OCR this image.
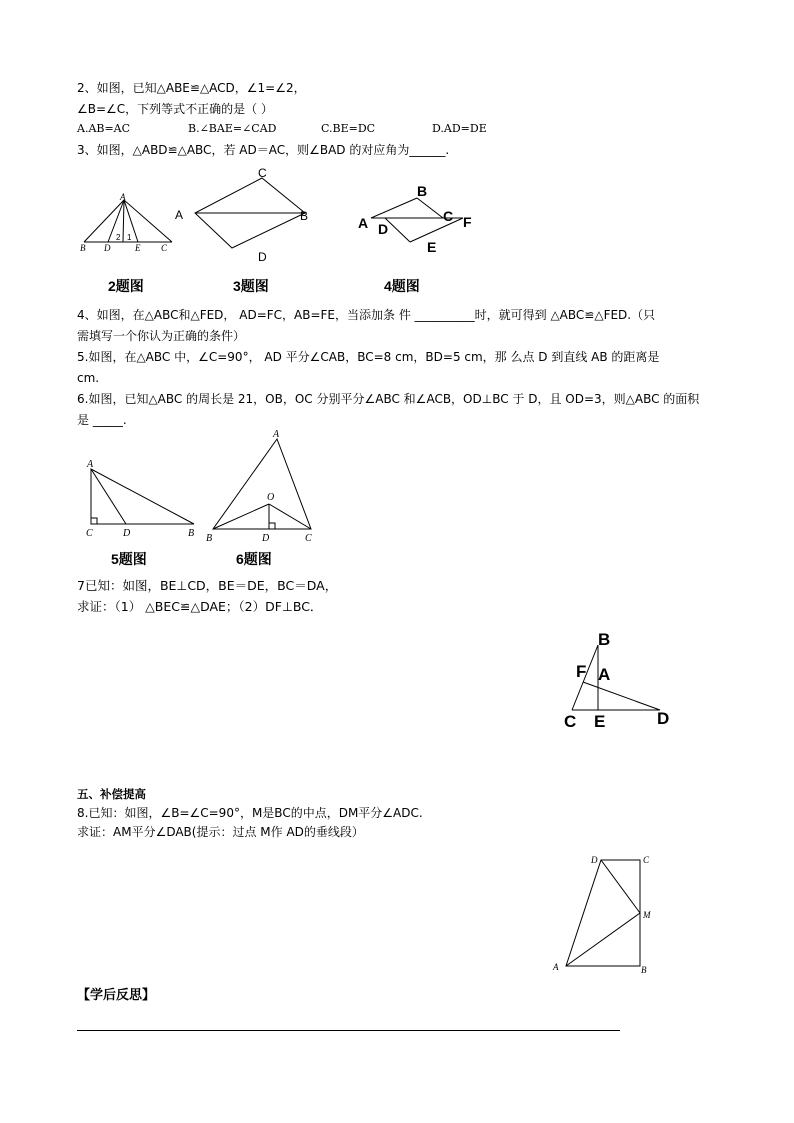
2、如图，已知△ABE≌△ACD，∠1=∠2，
∠B=∠C，下列等式不正确的是（ ）
A.AB=AC	B.∠BAE=∠CAD	C.BE=DC	D.AD=DE
3、如图，△ABD≌△ABC，若 AD＝AC，则∠BAD 的对应角为______.
A
B D
2 1
E C
C
A	B
D
B
A D
C F
E
2题图	3题图	4题图
4、如图，在△ABC和△FED， AD=FC，AB=FE，当添加条 件 __________时，就可得到 △ABC≌△FED.（只
需填写一个你认为正确的条件）
5.如图，在△ABC 中，∠C=90°， AD 平分∠CAB，BC=8 cm，BD=5 cm，那 么点 D 到直线 AB 的距离是
cm.
6.如图，已知△ABC 的周长是 21，OB，OC 分别平分∠ABC 和∠ACB，OD⊥BC 于 D，且 OD=3，则△ABC 的面积
是 _____.
A
C	D	B
A
O
B	D	C
5题图	6题图
7已知：如图，BE⊥CD，BE＝DE，BC＝DA，
求证：（1） △BEC≌△DAE；（2）DF⊥BC．
B
F A
C E	D
五、补偿提高
8.已知：如图，∠B=∠C=90°，M是BC的中点，DM平分∠ADC.
求证：AM平分∠DAB(提示：过点 M作 AD的垂线段）
D	C
M
A	B
【学后反思】
